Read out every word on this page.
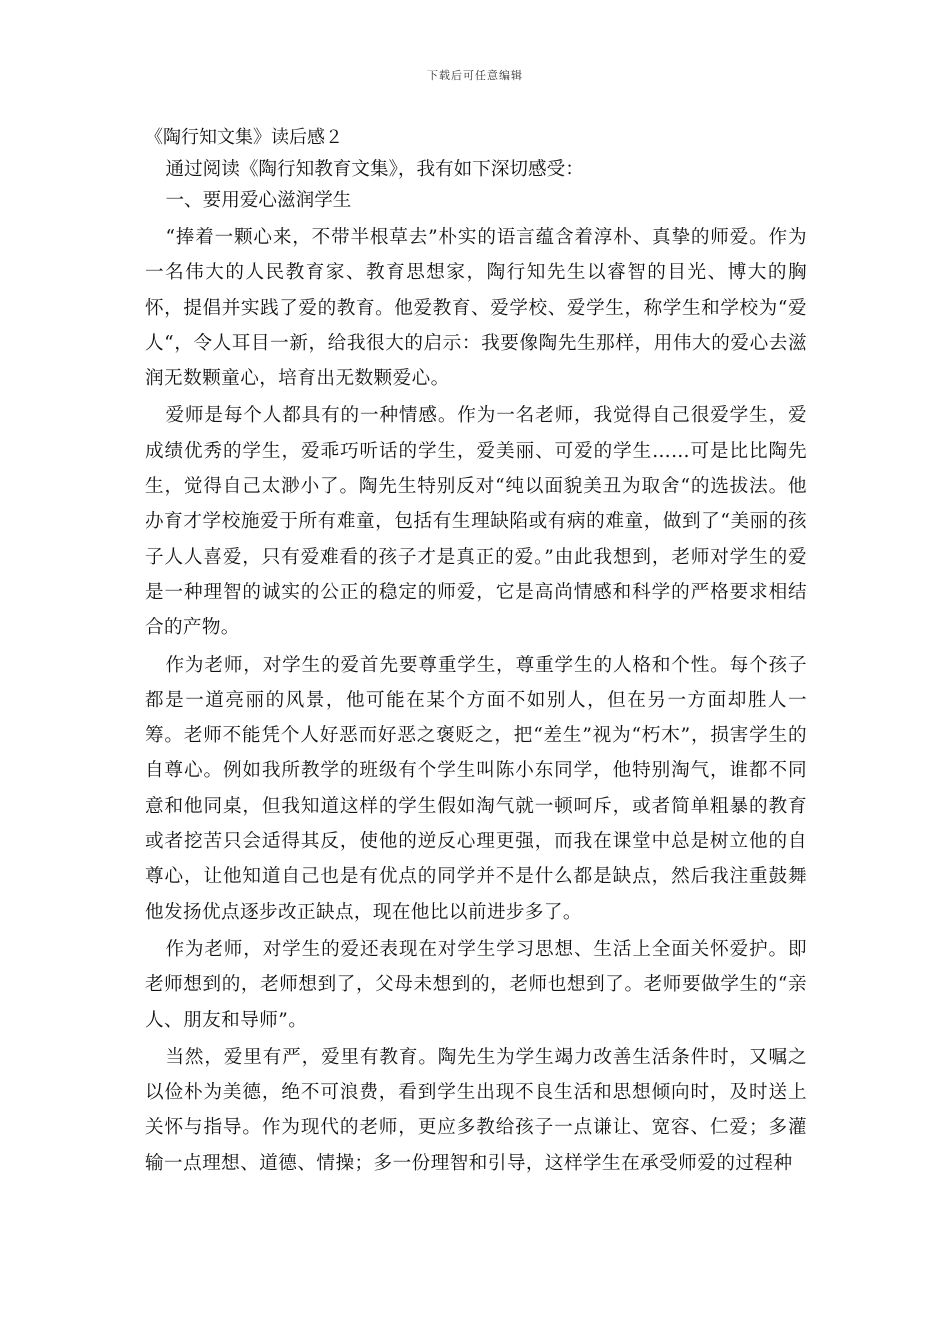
下载后可任意编辑

《陶行知文集》读后感２

通过阅读《陶行知教育文集》，我有如下深切感受：

一、要用爱心滋润学生

“捧着一颗心来，不带半根草去”朴实的语言蕴含着淳朴、真挚的师爱。作为一名伟大的人民教育家、教育思想家，陶行知先生以睿智的目光、博大的胸怀，提倡并实践了爱的教育。他爱教育、爱学校、爱学生，称学生和学校为“爱人“，令人耳目一新，给我很大的启示：我要像陶先生那样，用伟大的爱心去滋润无数颗童心，培育出无数颗爱心。

爱师是每个人都具有的一种情感。作为一名老师，我觉得自己很爱学生，爱成绩优秀的学生，爱乖巧听话的学生，爱美丽、可爱的学生……可是比比陶先生，觉得自己太渺小了。陶先生特别反对“纯以面貌美丑为取舍“的选拔法。他办育才学校施爱于所有难童，包括有生理缺陷或有病的难童，做到了“美丽的孩子人人喜爱，只有爱难看的孩子才是真正的爱。”由此我想到，老师对学生的爱是一种理智的诚实的公正的稳定的师爱，它是高尚情感和科学的严格要求相结合的产物。

作为老师，对学生的爱首先要尊重学生，尊重学生的人格和个性。每个孩子都是一道亮丽的风景，他可能在某个方面不如别人，但在另一方面却胜人一筹。老师不能凭个人好恶而好恶之褒贬之，把“差生”视为“朽木”，损害学生的自尊心。例如我所教学的班级有个学生叫陈小东同学，他特别淘气，谁都不同意和他同桌，但我知道这样的学生假如淘气就一顿呵斥，或者简单粗暴的教育或者挖苦只会适得其反，使他的逆反心理更强，而我在课堂中总是树立他的自尊心，让他知道自己也是有优点的同学并不是什么都是缺点，然后我注重鼓舞他发扬优点逐步改正缺点，现在他比以前进步多了。

作为老师，对学生的爱还表现在对学生学习思想、生活上全面关怀爱护。即老师想到的，老师想到了，父母未想到的，老师也想到了。老师要做学生的“亲人、朋友和导师”。

当然，爱里有严，爱里有教育。陶先生为学生竭力改善生活条件时，又嘱之以俭朴为美德，绝不可浪费，看到学生出现不良生活和思想倾向时，及时送上关怀与指导。作为现代的老师，更应多教给孩子一点谦让、宽容、仁爱；多灌输一点理想、道德、情操；多一份理智和引导，这样学生在承受师爱的过程种
